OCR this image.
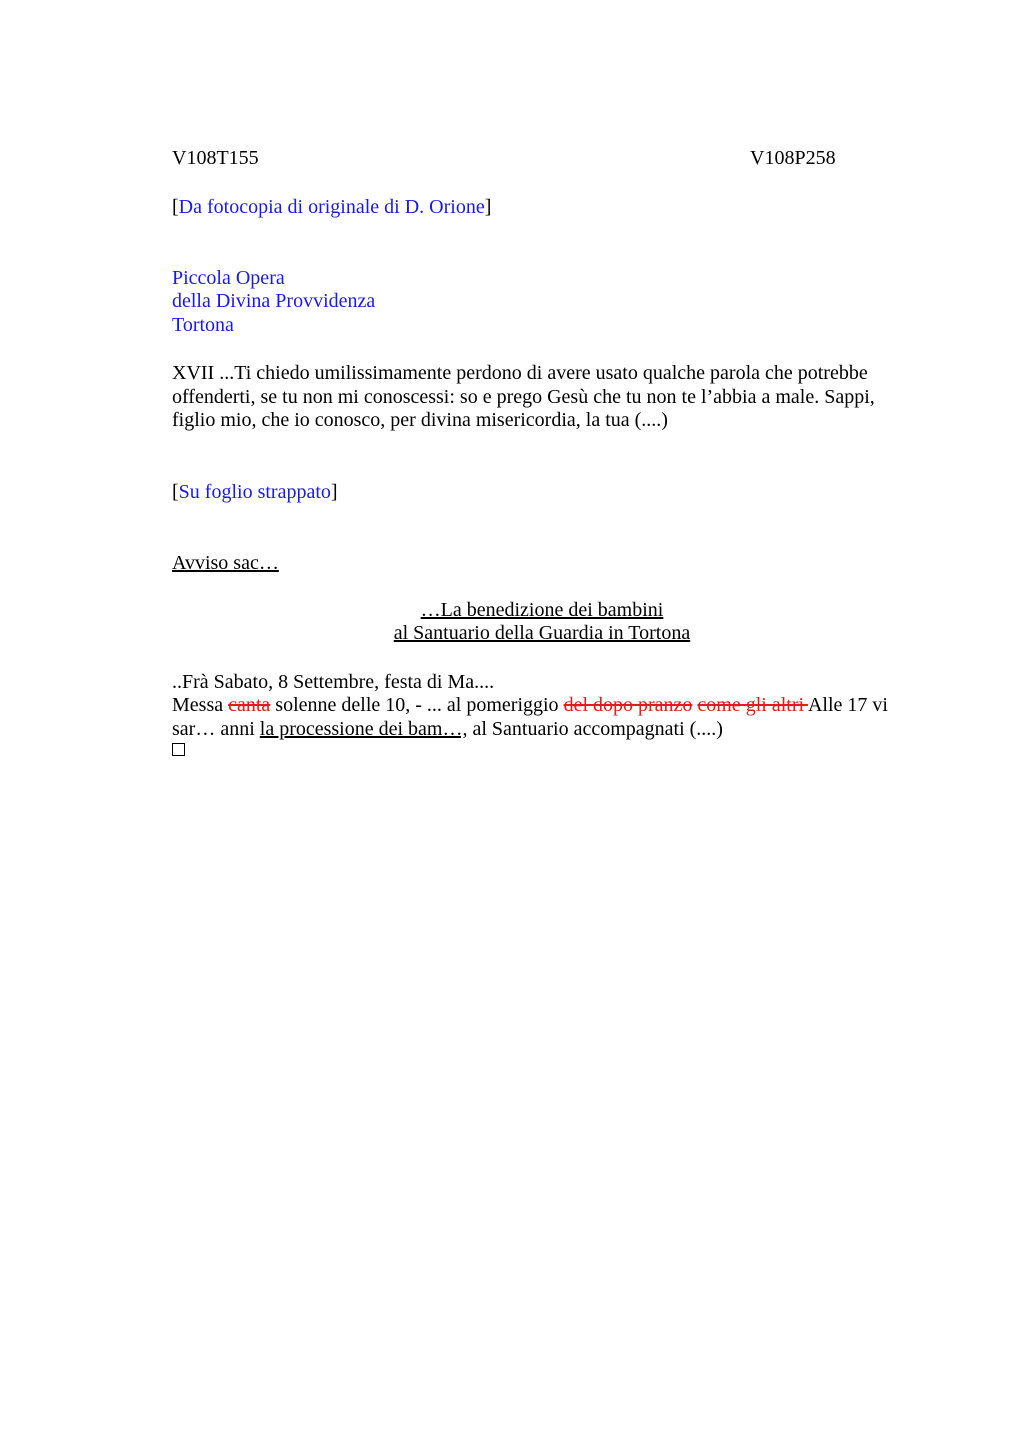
V108T155	V108P258
[Da fotocopia di originale di D. Orione]
Piccola Opera
della Divina Provvidenza
Tortona
XVII ...Ti chiedo umilissimamente perdono di avere usato qualche parola che potrebbe
offenderti, se tu non mi conoscessi: so e prego Gesù che tu non te l’abbia a male. Sappi,
figlio mio, che io conosco, per divina misericordia, la tua (....)
[Su foglio strappato]
Avviso sac…
…La benedizione dei bambini
al Santuario della Guardia in Tortona
..Frà Sabato, 8 Settembre, festa di Ma....
Messa canta solenne delle 10, - ... al pomeriggio del dopo pranzo come gli altri Alle 17 vi
sar… anni la processione dei bam…, al Santuario accompagnati (....)
